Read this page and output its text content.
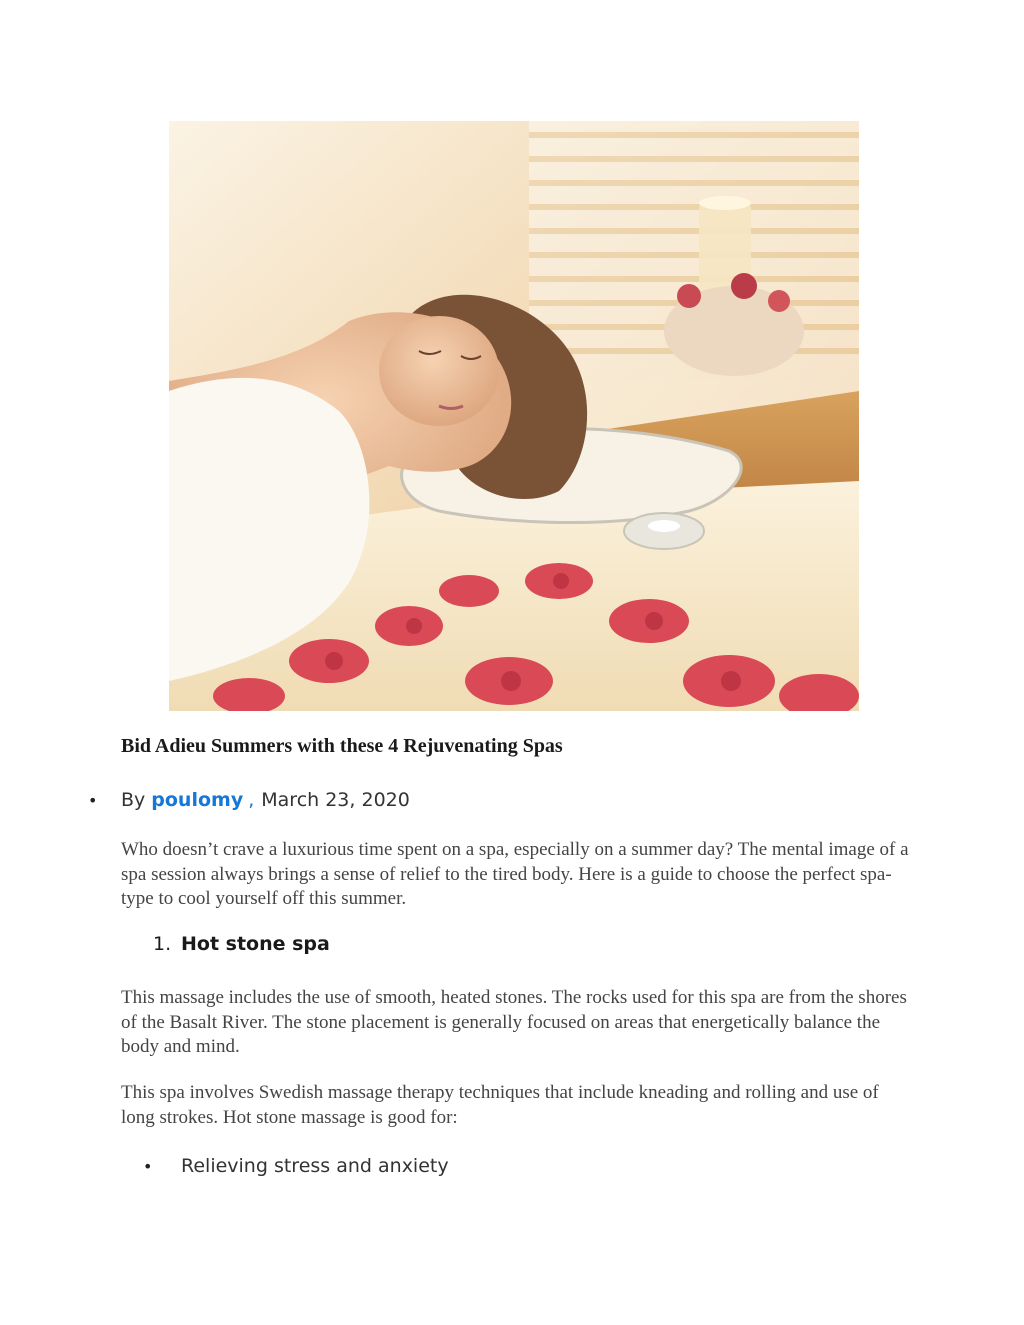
Bid Adieu Summers with these 4 Rejuvenating Spas
•	By poulomy , March 23, 2020

Who doesn’t crave a luxurious time spent on a spa, especially on a summer day? The mental image of a spa session always brings a sense of relief to the tired body. Here is a guide to choose the perfect spa-type to cool yourself off this summer.

1. Hot stone spa

This massage includes the use of smooth, heated stones. The rocks used for this spa are from the shores of the Basalt River. The stone placement is generally focused on areas that energetically balance the body and mind.

This spa involves Swedish massage therapy techniques that include kneading and rolling and use of long strokes. Hot stone massage is good for:

•	Relieving stress and anxiety
